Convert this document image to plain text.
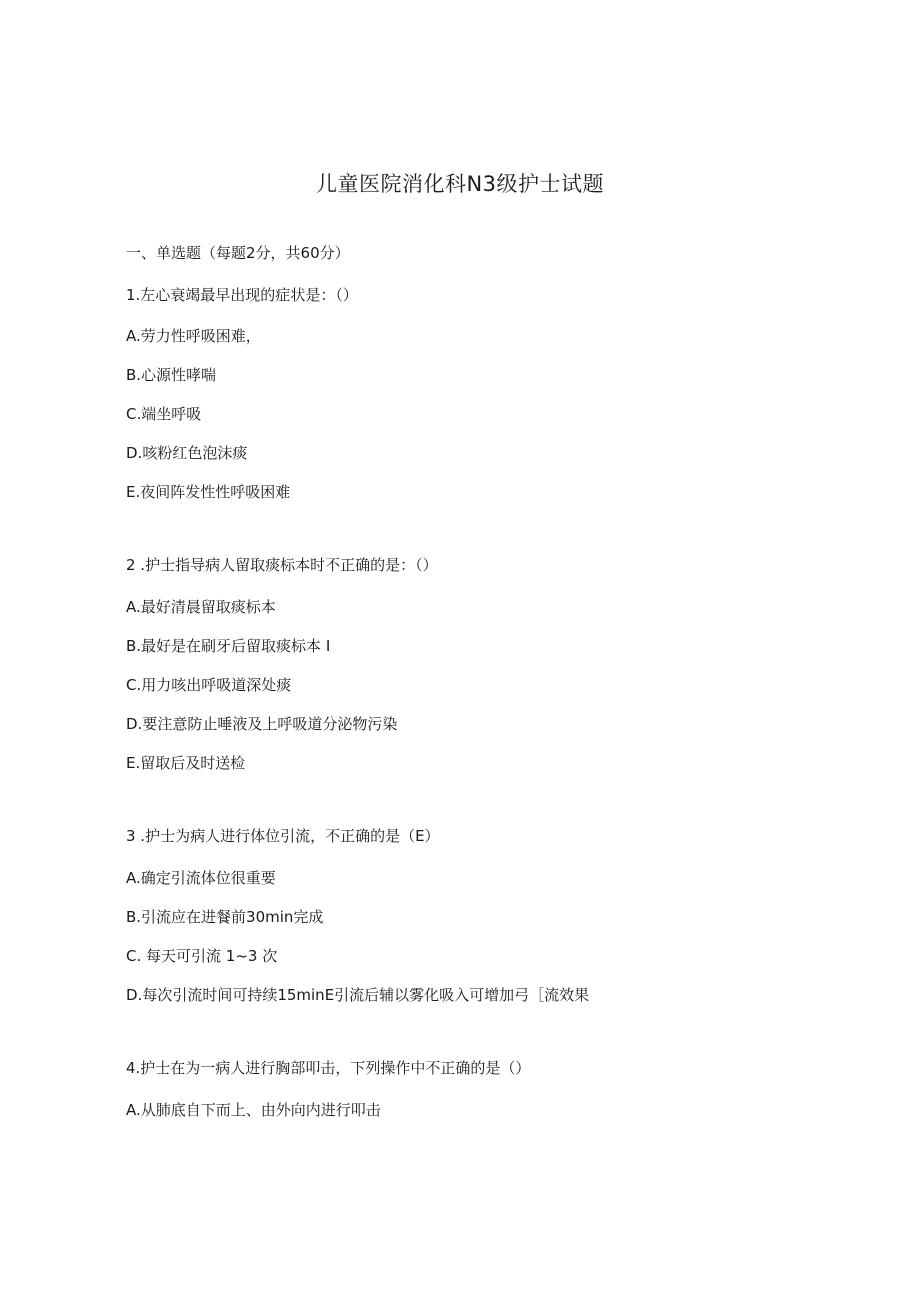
儿童医院消化科N3级护士试题
一、单选题（每题2分，共60分）
1.左心衰竭最早出现的症状是：（）
A.劳力性呼吸困难，
B.心源性哮喘
C.端坐呼吸
D.咳粉红色泡沫痰
E.夜间阵发性性呼吸困难
2 .护士指导病人留取痰标本时不正确的是：（）
A.最好清晨留取痰标本
B.最好是在刷牙后留取痰标本 I
C.用力咳出呼吸道深处痰
D.要注意防止唾液及上呼吸道分泌物污染
E.留取后及时送检
3 .护士为病人进行体位引流，不正确的是（E）
A.确定引流体位很重要
B.引流应在进餐前30min完成
C. 每天可引流 1~3 次
D.每次引流时间可持续15minE引流后辅以雾化吸入可增加弓［流效果
4.护士在为一病人进行胸部叩击，下列操作中不正确的是（）
A.从肺底自下而上、由外向内进行叩击
